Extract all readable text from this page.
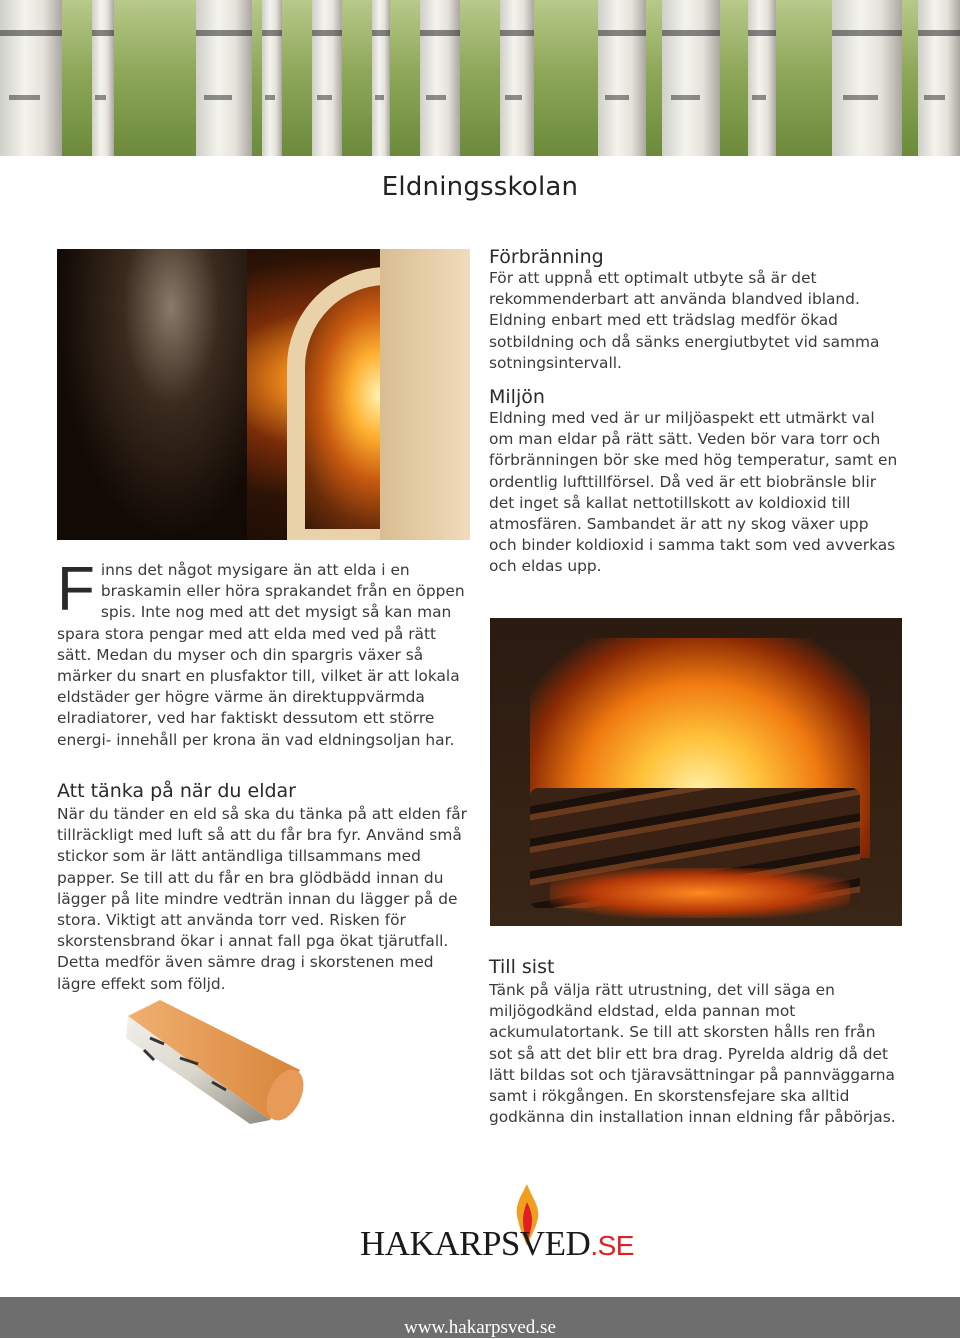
Eldningsskolan
F inns det något mysigare än att elda i en braskamin eller höra sprakandet från en öppen spis. Inte nog med att det mysigt så kan man spara stora pengar med att elda med ved på rätt sätt. Medan du myser och din spargris växer så märker du snart en plusfaktor till, vilket är att lokala eldstäder ger högre värme än direktuppvärmda elradiatorer, ved har faktiskt dessutom ett större energi- innehåll per krona än vad eldningsoljan har.

Att tänka på när du eldar

När du tänder en eld så ska du tänka på att elden får tillräckligt med luft så att du får bra fyr. Använd små stickor som är lätt antändliga tillsammans med papper. Se till att du får en bra glödbädd innan du lägger på lite mindre vedträn innan du lägger på de stora. Viktigt att använda torr ved. Risken för skorstensbrand ökar i annat fall pga ökat tjärutfall. Detta medför även sämre drag i skorstenen med lägre effekt som följd.

Förbränning

För att uppnå ett optimalt utbyte så är det rekommenderbart att använda blandved ibland. Eldning enbart med ett trädslag medför ökad sotbildning och då sänks energiutbytet vid samma sotningsintervall.

Miljön

Eldning med ved är ur miljöaspekt ett utmärkt val om man eldar på rätt sätt. Veden bör vara torr och förbränningen bör ske med hög temperatur, samt en ordentlig lufttillförsel. Då ved är ett biobränsle blir det inget så kallat nettotillskott av koldioxid till atmosfären. Sambandet är att ny skog växer upp och binder koldioxid i samma takt som ved avverkas och eldas upp.

Till sist

Tänk på välja rätt utrustning, det vill säga en miljögodkänd eldstad, elda pannan mot ackumulatortank. Se till att skorsten hålls ren från sot så att det blir ett bra drag. Pyrelda aldrig då det lätt bildas sot och tjäravsättningar på pannväggarna samt i rökgången. En skorstensfejare ska alltid godkänna din installation innan eldning får påbörjas.

HAKARPSVED.SE
www.hakarpsved.se
